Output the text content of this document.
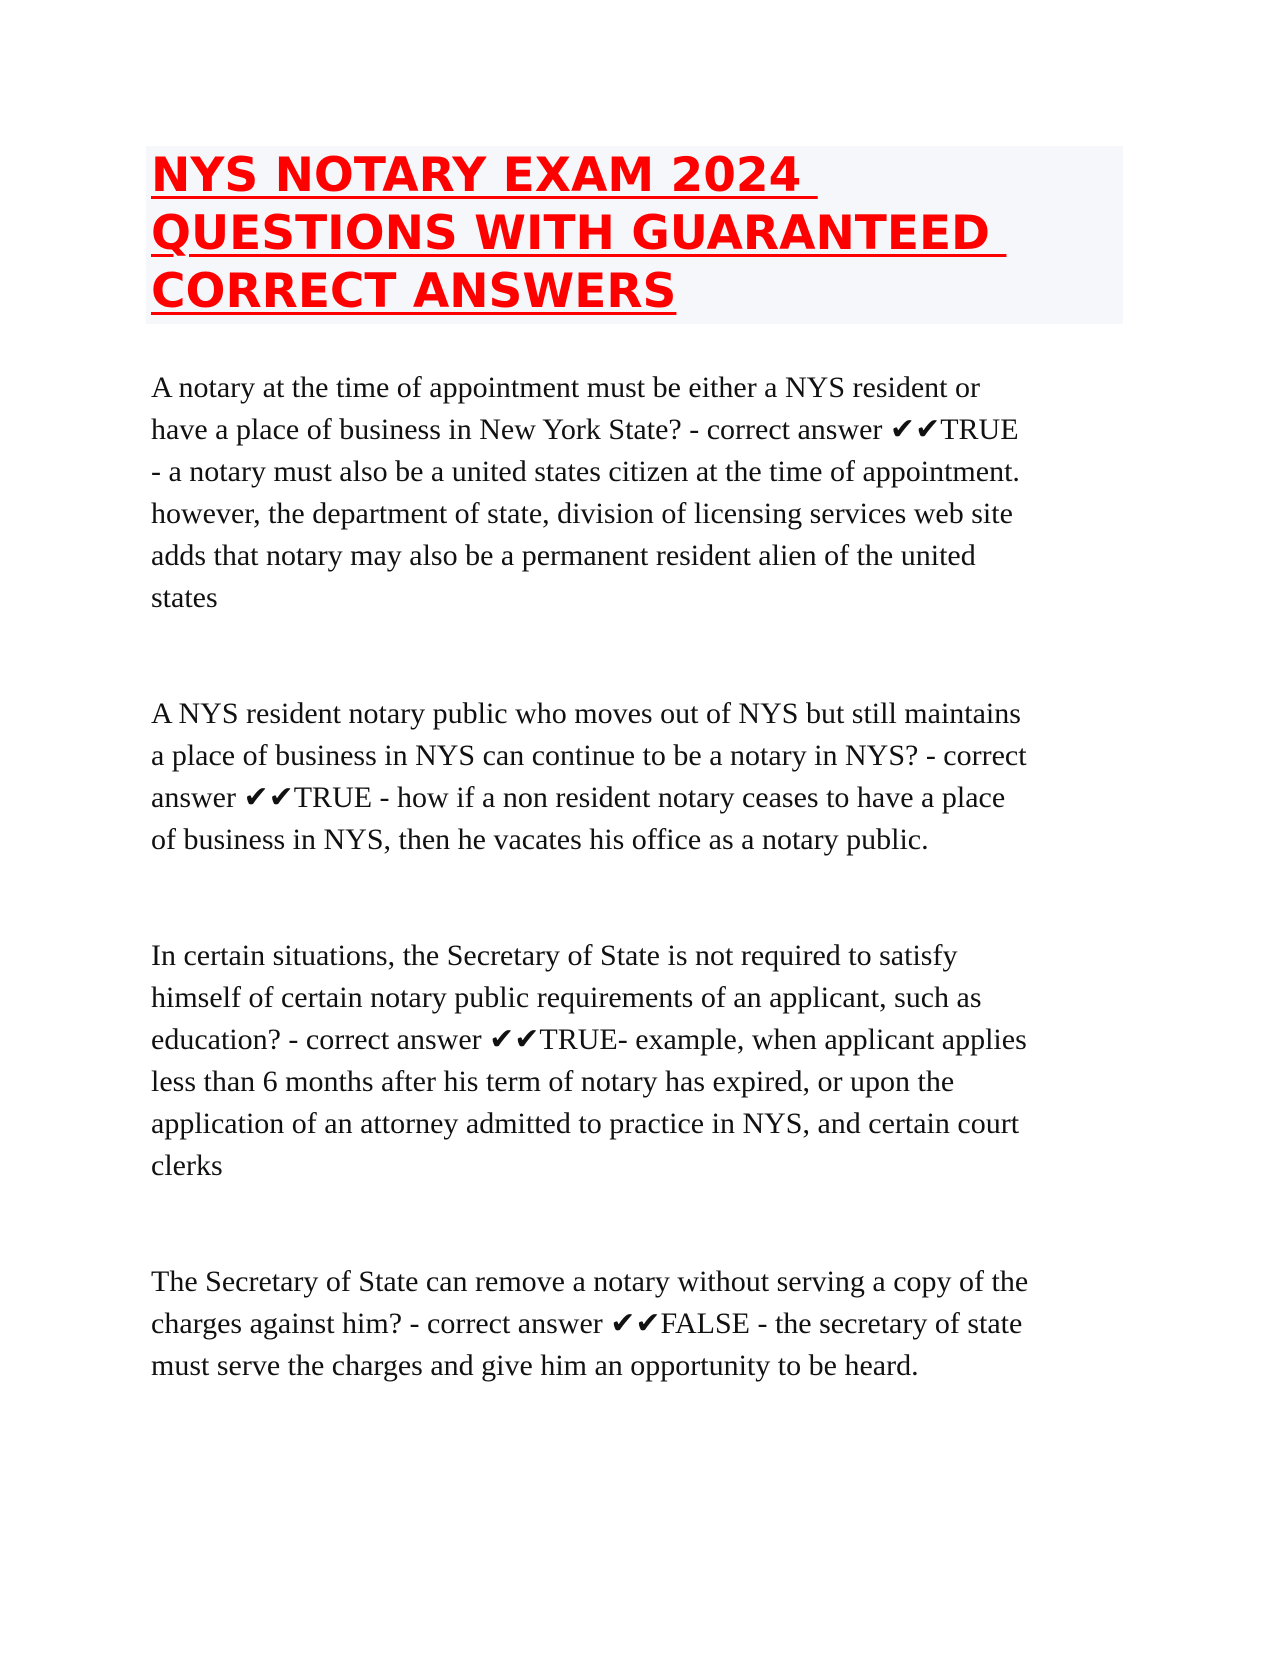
NYS NOTARY EXAM 2024

QUESTIONS WITH GUARANTEED

CORRECT ANSWERS

A notary at the time of appointment must be either a NYS resident or

have a place of business in New York State? - correct answer ✔✔TRUE

- a notary must also be a united states citizen at the time of appointment.

however, the department of state, division of licensing services web site

adds that notary may also be a permanent resident alien of the united

states

A NYS resident notary public who moves out of NYS but still maintains

a place of business in NYS can continue to be a notary in NYS? - correct

answer ✔✔TRUE - how if a non resident notary ceases to have a place

of business in NYS, then he vacates his office as a notary public.

In certain situations, the Secretary of State is not required to satisfy

himself of certain notary public requirements of an applicant, such as

education? - correct answer ✔✔TRUE- example, when applicant applies

less than 6 months after his term of notary has expired, or upon the

application of an attorney admitted to practice in NYS, and certain court

clerks

The Secretary of State can remove a notary without serving a copy of the

charges against him? - correct answer ✔✔FALSE - the secretary of state

must serve the charges and give him an opportunity to be heard.
